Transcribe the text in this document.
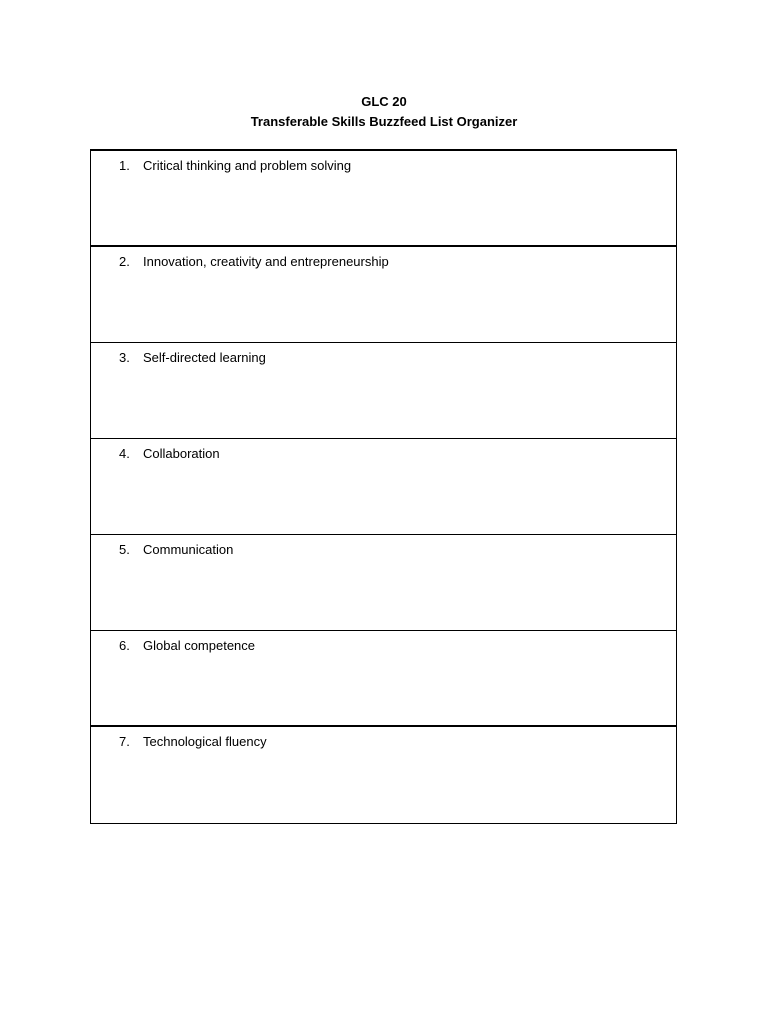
GLC 20
Transferable Skills Buzzfeed List Organizer
1. Critical thinking and problem solving
2. Innovation, creativity and entrepreneurship
3. Self-directed learning
4. Collaboration
5. Communication
6. Global competence
7. Technological fluency
